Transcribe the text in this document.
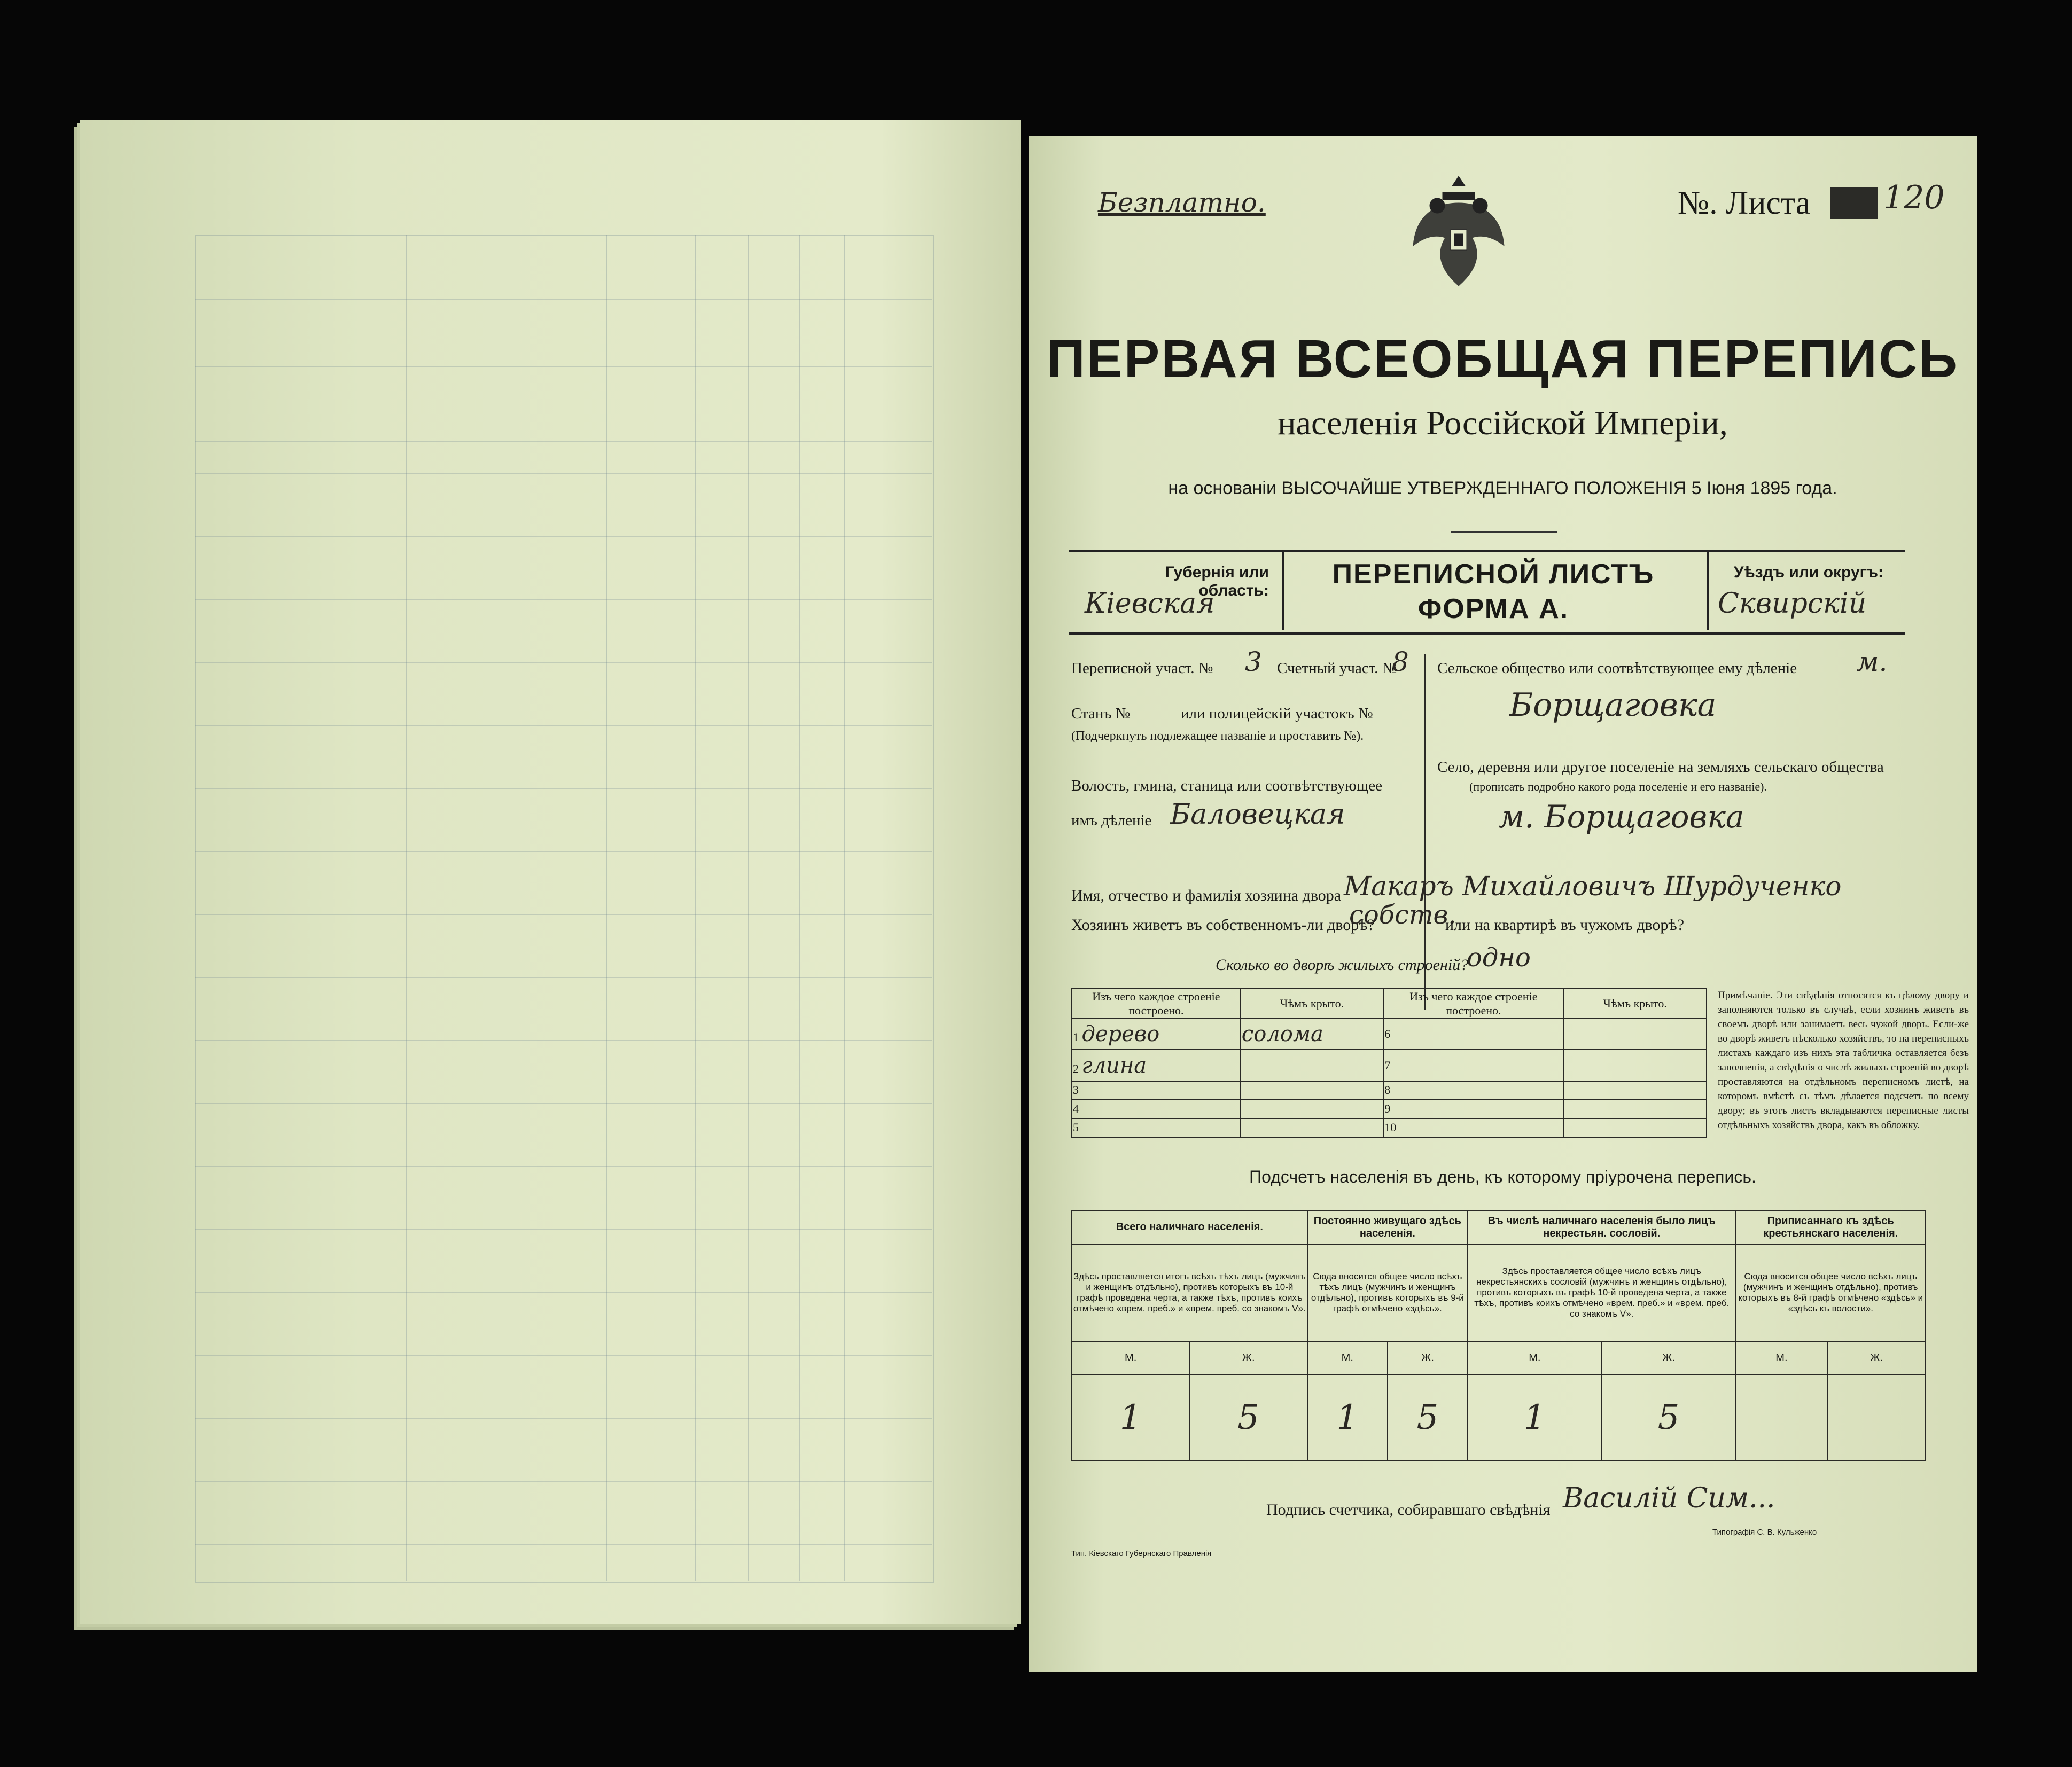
Безплатно.	№. Листа 120
ПЕРВАЯ ВСЕОБЩАЯ ПЕРЕПИСЬ
населенія Россійской Имперіи,
на основаніи ВЫСОЧАЙШЕ УТВЕРЖДЕННАГО ПОЛОЖЕНІЯ 5 Іюня 1895 года.
Губернія или область:
Кіевская
ПЕРЕПИСНОЙ ЛИСТЪ
ФОРМА А.
Уѣздъ или округъ:
Сквирскій
Переписной участ. № 3 Счетный участ. №
8
Станъ №	или полицейскій участокъ №
(Подчеркнуть подлежащее названіе и проставить №).
Волость, гмина, станица или соотвѣтствующее
имъ дѣленіе Баловецкая
Сельское общество или соотвѣтствующее ему дѣленіе м.
Борщаговка
Село, деревня или другое поселеніе на земляхъ сельскаго общества
(прописать подробно какого рода поселеніе и его названіе).
м. Борщаговка
Имя, отчество и фамилія хозяина двора Макаръ Михайловичъ Шурдученко
Хозяинъ живетъ въ собственномъ-ли дворѣ?
собств.
или на квартирѣ въ чужомъ дворѣ?
Сколько во дворѣ жилыхъ строеній?
одно
Изъ чего каждое строеніе построено.	Чѣмъ крыто.	Изъ чего каждое строеніе построено.	Чѣмъ крыто.
1 дерево	солома	6	
2 глина		7	
3		8	
4		9	
5		10	
Примѣчаніе. Эти свѣдѣнія относятся къ цѣлому двору и заполняются только въ случаѣ, если хозяинъ живетъ въ своемъ дворѣ или занимаетъ весь чужой дворъ. Если-же во дворѣ живетъ нѣсколько хозяйствъ, то на переписныхъ листахъ каждаго изъ нихъ эта табличка оставляется безъ заполненія, а свѣдѣнія о числѣ жилыхъ строеній во дворѣ проставляются на отдѣльномъ переписномъ листѣ, на которомъ вмѣстѣ съ тѣмъ дѣлается подсчетъ по всему двору; въ этотъ листъ вкладываются переписные листы отдѣльныхъ хозяйствъ двора, какъ въ обложку.
Подсчетъ населенія въ день, къ которому пріурочена перепись.
Всего наличнаго населенія.		Постоянно живущаго здѣсь населенія.		Въ числѣ наличнаго населенія было лицъ некрестьян. сословій.		Приписаннаго къ здѣсь крестьянскаго населенія.	
Здѣсь проставляется итогъ всѣхъ тѣхъ лицъ (мужчинъ и женщинъ отдѣльно), противъ которыхъ въ 10-й графѣ проведена черта, а также тѣхъ, противъ коихъ отмѣчено «врем. преб.» и «врем. преб. со знакомъ V».		Сюда вносится общее число всѣхъ тѣхъ лицъ (мужчинъ и женщинъ отдѣльно), противъ которыхъ въ 9-й графѣ отмѣчено «здѣсь».		Здѣсь проставляется общее число всѣхъ лицъ некрестьянскихъ сословій (мужчинъ и женщинъ отдѣльно), противъ которыхъ въ графѣ 10-й проведена черта, а также тѣхъ, противъ коихъ отмѣчено «врем. преб.» и «врем. преб. со знакомъ V».		Сюда вносится общее число всѣхъ лицъ (мужчинъ и женщинъ отдѣльно), противъ которыхъ въ 8-й графѣ отмѣчено «здѣсь» и «здѣсь къ волости».	
М.	Ж.	М.	Ж.	М.	Ж.	М.	Ж.
1	5	1	5	1	5		
Подпись счетчика, собиравшаго свѣдѣнія Василій Сим...
Тип. Кіевскаго Губернскаго Правленія
Типографія С. В. Кульженко
